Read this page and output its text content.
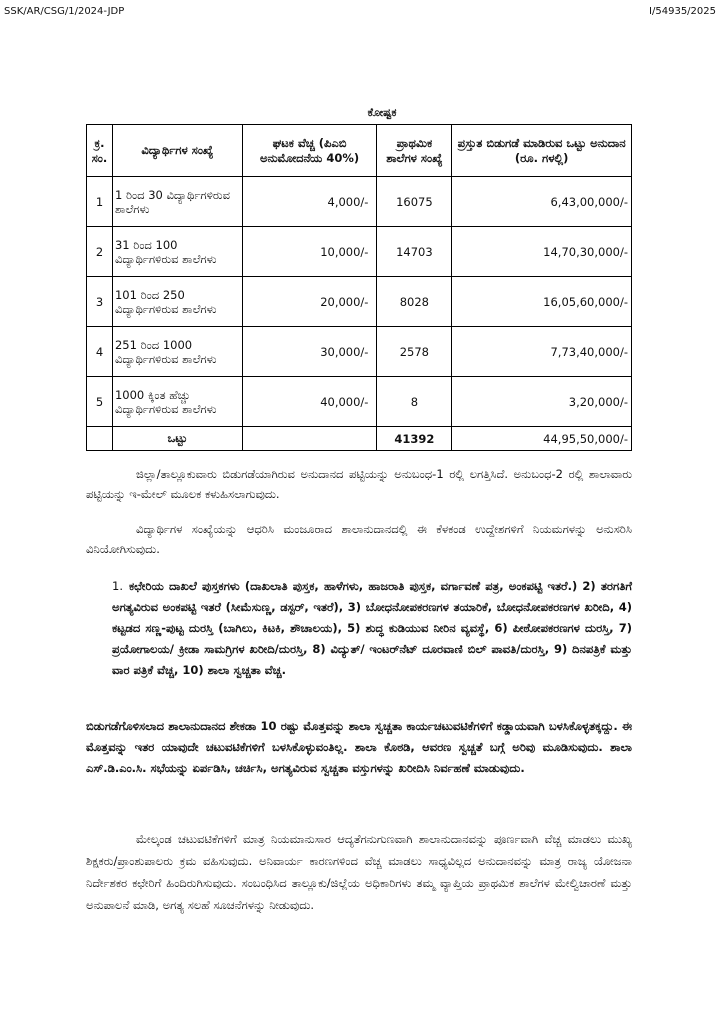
SSK/AR/CSG/1/2024-JDP	I/54935/2025
ಕೋಷ್ಟಕ
ಕ್ರ. ಸಂ.	ವಿದ್ಯಾರ್ಥಿಗಳ ಸಂಖ್ಯೆ	ಘಟಕ ವೆಚ್ಚ (ಪಿಎಬಿ ಅನುಮೋದನೆಯ 40%)	ಪ್ರಾಥಮಿಕ ಶಾಲೆಗಳ ಸಂಖ್ಯೆ	ಪ್ರಸ್ತುತ ಬಿಡುಗಡೆ ಮಾಡಿರುವ ಒಟ್ಟು ಅನುದಾನ (ರೂ. ಗಳಲ್ಲಿ)
1	1 ರಿಂದ 30 ವಿದ್ಯಾರ್ಥಿಗಳಿರುವ ಶಾಲೆಗಳು	4,000/-	16075	6,43,00,000/-
2	31 ರಿಂದ 100 ವಿದ್ಯಾರ್ಥಿಗಳಿರುವ ಶಾಲೆಗಳು	10,000/-	14703	14,70,30,000/-
3	101 ರಿಂದ 250 ವಿದ್ಯಾರ್ಥಿಗಳಿರುವ ಶಾಲೆಗಳು	20,000/-	8028	16,05,60,000/-
4	251 ರಿಂದ 1000 ವಿದ್ಯಾರ್ಥಿಗಳಿರುವ ಶಾಲೆಗಳು	30,000/-	2578	7,73,40,000/-
5	1000 ಕ್ಕಿಂತ ಹೆಚ್ಚು ವಿದ್ಯಾರ್ಥಿಗಳಿರುವ ಶಾಲೆಗಳು	40,000/-	8	3,20,000/-
	ಒಟ್ಟು		41392	44,95,50,000/-

ಜಿಲ್ಲಾ/ತಾಲ್ಲೂಕುವಾರು ಬಿಡುಗಡೆಯಾಗಿರುವ ಅನುದಾನದ ಪಟ್ಟಿಯನ್ನು ಅನುಬಂಧ-1 ರಲ್ಲಿ ಲಗತ್ತಿಸಿದೆ. ಅನುಬಂಧ-2 ರಲ್ಲಿ ಶಾಲಾವಾರು ಪಟ್ಟಿಯನ್ನು ಇ-ಮೇಲ್ ಮೂಲಕ ಕಳುಹಿಸಲಾಗುವುದು.

ವಿದ್ಯಾರ್ಥಿಗಳ ಸಂಖ್ಯೆಯನ್ನು ಆಧರಿಸಿ ಮಂಜೂರಾದ ಶಾಲಾನುದಾನದಲ್ಲಿ ಈ ಕೆಳಕಂಡ ಉದ್ದೇಶಗಳಿಗೆ ನಿಯಮಗಳನ್ನು ಅನುಸರಿಸಿ ವಿನಿಯೋಗಿಸುವುದು.

1. ಕಛೇರಿಯ ದಾಖಲೆ ಪುಸ್ತಕಗಳು (ದಾಖಲಾತಿ ಪುಸ್ತಕ, ಹಾಳೆಗಳು, ಹಾಜರಾತಿ ಪುಸ್ತಕ, ವರ್ಗಾವಣೆ ಪತ್ರ, ಅಂಕಪಟ್ಟಿ ಇತರೆ.) 2) ತರಗತಿಗೆ ಅಗತ್ಯವಿರುವ ಅಂಕಪಟ್ಟಿ ಇತರೆ (ಸೀಮೆಸುಣ್ಣ, ಡಸ್ಟರ್, ಇತರೆ), 3) ಬೋಧನೋಪಕರಣಗಳ ತಯಾರಿಕೆ, ಬೋಧನೋಪಕರಣಗಳ ಖರೀದಿ, 4) ಕಟ್ಟಡದ ಸಣ್ಣ-ಪುಟ್ಟ ದುರಸ್ತಿ (ಬಾಗಿಲು, ಕಿಟಕಿ, ಶೌಚಾಲಯ), 5) ಶುದ್ಧ ಕುಡಿಯುವ ನೀರಿನ ವ್ಯವಸ್ಥೆ, 6) ಪೀಠೋಪಕರಣಗಳ ದುರಸ್ತಿ, 7) ಪ್ರಯೋಗಾಲಯ/ ಕ್ರೀಡಾ ಸಾಮಗ್ರಿಗಳ ಖರೀದಿ/ದುರಸ್ತಿ, 8) ವಿದ್ಯುತ್/ ಇಂಟರ್‌ನೆಟ್ ದೂರವಾಣಿ ಬಿಲ್ ಪಾವತಿ/ದುರಸ್ತಿ, 9) ದಿನಪತ್ರಿಕೆ ಮತ್ತು ವಾರ ಪತ್ರಿಕೆ ವೆಚ್ಚ, 10) ಶಾಲಾ ಸ್ವಚ್ಚತಾ ವೆಚ್ಚ.

ಬಿಡುಗಡೆಗೊಳಿಸಲಾದ ಶಾಲಾನುದಾನದ ಶೇಕಡಾ 10 ರಷ್ಟು ಮೊತ್ತವನ್ನು ಶಾಲಾ ಸ್ವಚ್ಚತಾ ಕಾರ್ಯಚಟುವಟಿಕೆಗಳಿಗೆ ಕಡ್ಡಾಯವಾಗಿ ಬಳಸಿಕೊಳ್ಳತಕ್ಕದ್ದು. ಈ ಮೊತ್ತವನ್ನು ಇತರ ಯಾವುದೇ ಚಟುವಟಿಕೆಗಳಿಗೆ ಬಳಸಿಕೊಳ್ಳುವಂತಿಲ್ಲ. ಶಾಲಾ ಕೊಠಡಿ, ಆವರಣ ಸ್ವಚ್ಚತೆ ಬಗ್ಗೆ ಅರಿವು ಮೂಡಿಸುವುದು. ಶಾಲಾ ಎಸ್.ಡಿ.ಎಂ.ಸಿ. ಸಭೆಯನ್ನು ಏರ್ಪಡಿಸಿ, ಚರ್ಚಿಸಿ, ಅಗತ್ಯವಿರುವ ಸ್ವಚ್ಚತಾ ವಸ್ತುಗಳನ್ನು ಖರೀದಿಸಿ ನಿರ್ವಹಣೆ ಮಾಡುವುದು.

ಮೇಲ್ಕಂಡ ಚಟುವಟಿಕೆಗಳಿಗೆ ಮಾತ್ರ ನಿಯಮಾನುಸಾರ ಆದ್ಯತೆಗನುಗುಣವಾಗಿ ಶಾಲಾನುದಾನವನ್ನು ಪೂರ್ಣವಾಗಿ ವೆಚ್ಚ ಮಾಡಲು ಮುಖ್ಯ ಶಿಕ್ಷಕರು/ಪ್ರಾಂಶುಪಾಲರು ಕ್ರಮ ವಹಿಸುವುದು. ಅನಿವಾರ್ಯ ಕಾರಣಗಳಿಂದ ವೆಚ್ಚ ಮಾಡಲು ಸಾಧ್ಯವಿಲ್ಲದ ಅನುದಾನವನ್ನು ಮಾತ್ರ ರಾಜ್ಯ ಯೋಜನಾ ನಿರ್ದೇಶಕರ ಕಛೇರಿಗೆ ಹಿಂದಿರುಗಿಸುವುದು. ಸಂಬಂಧಿಸಿದ ತಾಲ್ಲೂಕು/ಜಿಲ್ಲೆಯ ಅಧಿಕಾರಿಗಳು ತಮ್ಮ ವ್ಯಾಪ್ತಿಯ ಪ್ರಾಥಮಿಕ ಶಾಲೆಗಳ ಮೇಲ್ವಿಚಾರಣೆ ಮತ್ತು ಅನುಪಾಲನೆ ಮಾಡಿ, ಅಗತ್ಯ ಸಲಹೆ ಸೂಚನೆಗಳನ್ನು ನೀಡುವುದು.
